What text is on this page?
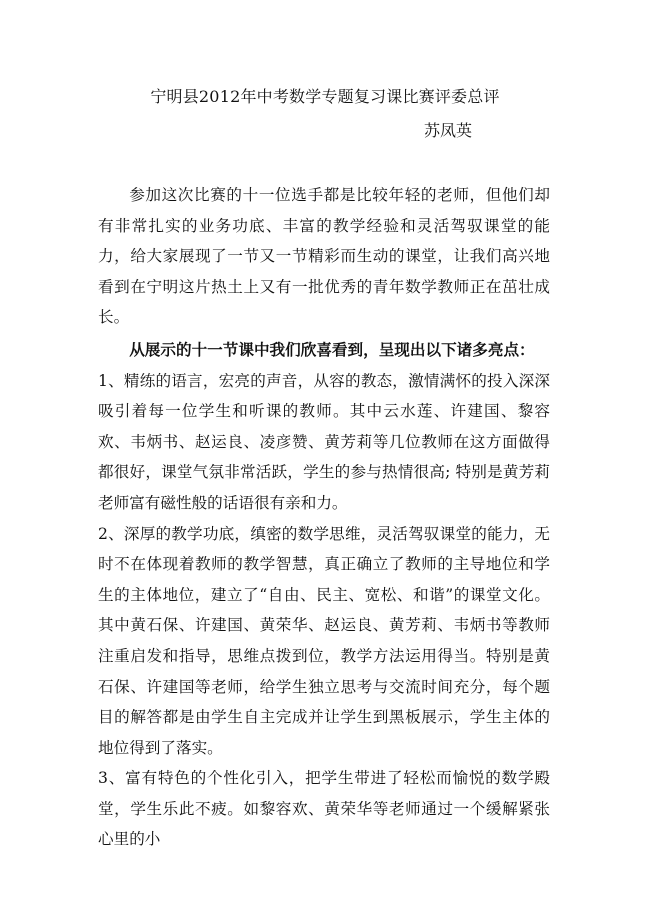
宁明县2012年中考数学专题复习课比赛评委总评
苏凤英

参加这次比赛的十一位选手都是比较年轻的老师，但他们却有非常扎实的业务功底、丰富的教学经验和灵活驾驭课堂的能力，给大家展现了一节又一节精彩而生动的课堂，让我们高兴地看到在宁明这片热土上又有一批优秀的青年数学教师正在茁壮成长。

从展示的十一节课中我们欣喜看到，呈现出以下诸多亮点：

1、精练的语言，宏亮的声音，从容的教态，激情满怀的投入深深吸引着每一位学生和听课的教师。其中云水莲、许建国、黎容欢、韦炳书、赵运良、凌彦赞、黄芳莉等几位教师在这方面做得都很好，课堂气氛非常活跃，学生的参与热情很高; 特别是黄芳莉老师富有磁性般的话语很有亲和力。

2、深厚的教学功底，缜密的数学思维，灵活驾驭课堂的能力，无时不在体现着教师的教学智慧，真正确立了教师的主导地位和学生的主体地位，建立了“自由、民主、宽松、和谐”的课堂文化。其中黄石保、许建国、黄荣华、赵运良、黄芳莉、韦炳书等教师注重启发和指导，思维点拨到位，教学方法运用得当。特别是黄石保、许建国等老师，给学生独立思考与交流时间充分，每个题目的解答都是由学生自主完成并让学生到黑板展示，学生主体的地位得到了落实。

3、富有特色的个性化引入，把学生带进了轻松而愉悦的数学殿堂，学生乐此不疲。如黎容欢、黄荣华等老师通过一个缓解紧张心里的小
